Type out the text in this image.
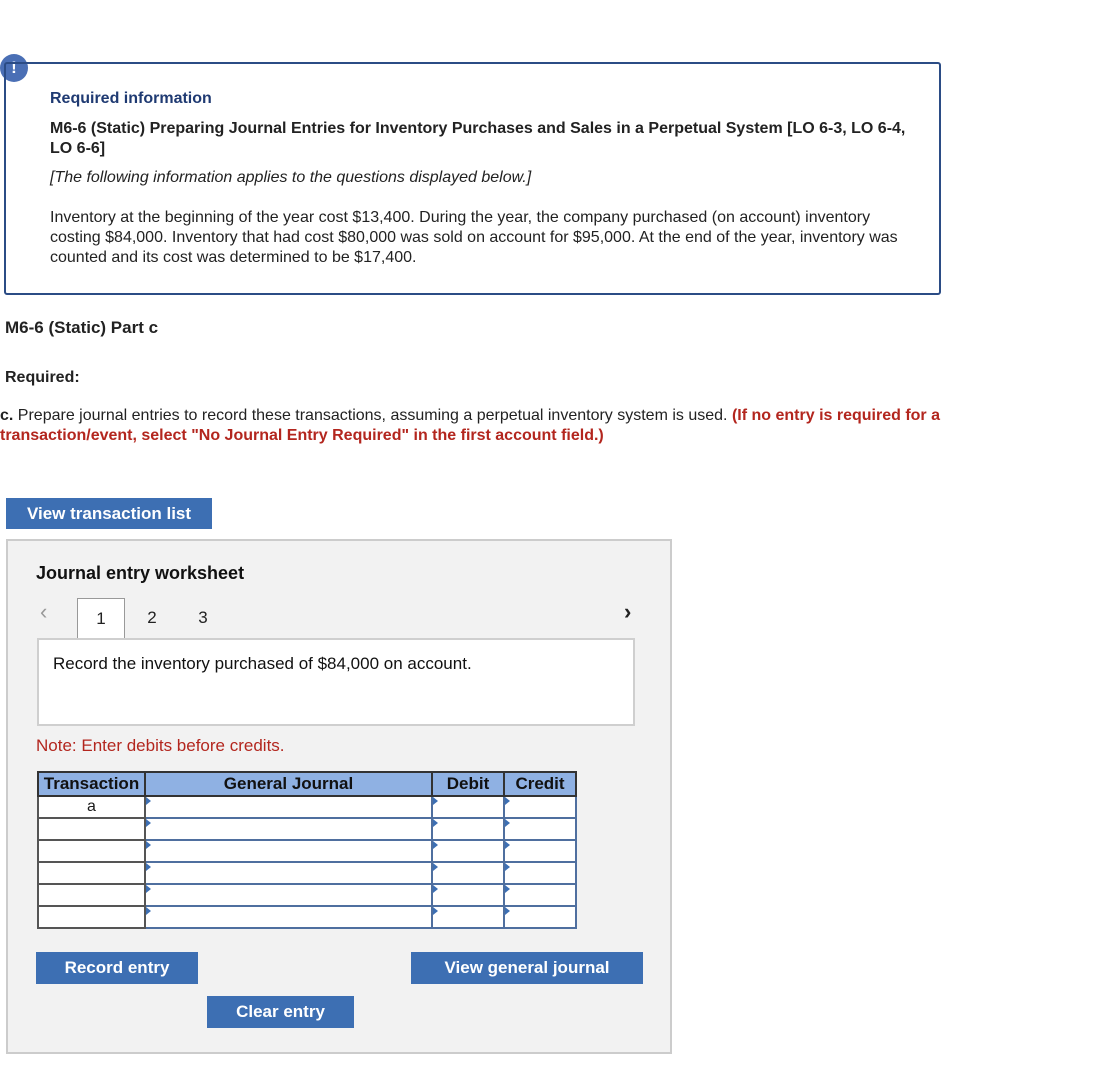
!
Required information
M6-6 (Static) Preparing Journal Entries for Inventory Purchases and Sales in a Perpetual System [LO 6-3, LO 6-4, LO 6-6]
[The following information applies to the questions displayed below.]
Inventory at the beginning of the year cost $13,400. During the year, the company purchased (on account) inventory costing $84,000. Inventory that had cost $80,000 was sold on account for $95,000. At the end of the year, inventory was counted and its cost was determined to be $17,400.
M6-6 (Static) Part c
Required:
c. Prepare journal entries to record these transactions, assuming a perpetual inventory system is used. (If no entry is required for a transaction/event, select "No Journal Entry Required" in the first account field.)
View transaction list
Journal entry worksheet
‹	1	2	3	›
Record the inventory purchased of $84,000 on account.
Note: Enter debits before credits.
Transaction	General Journal	Debit	Credit
a			

Record entry	View general journal
Clear entry
